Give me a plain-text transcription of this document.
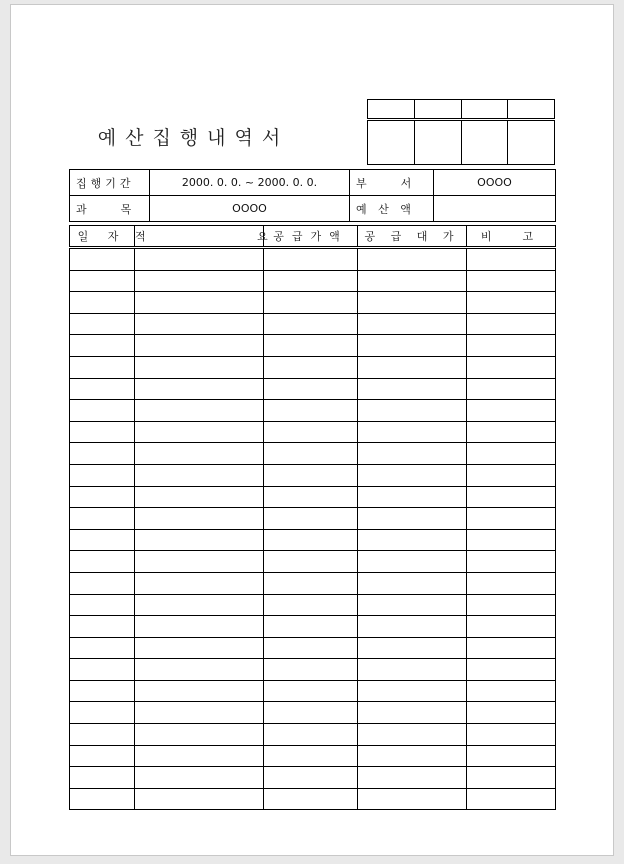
예산집행내역서

집행기간	2000. 0. 0. ~ 2000. 0. 0.	부    서	OOOO
과    목	OOOO	예 산 액	
일 자	적         요	공급가액	공 급 대 가	비  고
